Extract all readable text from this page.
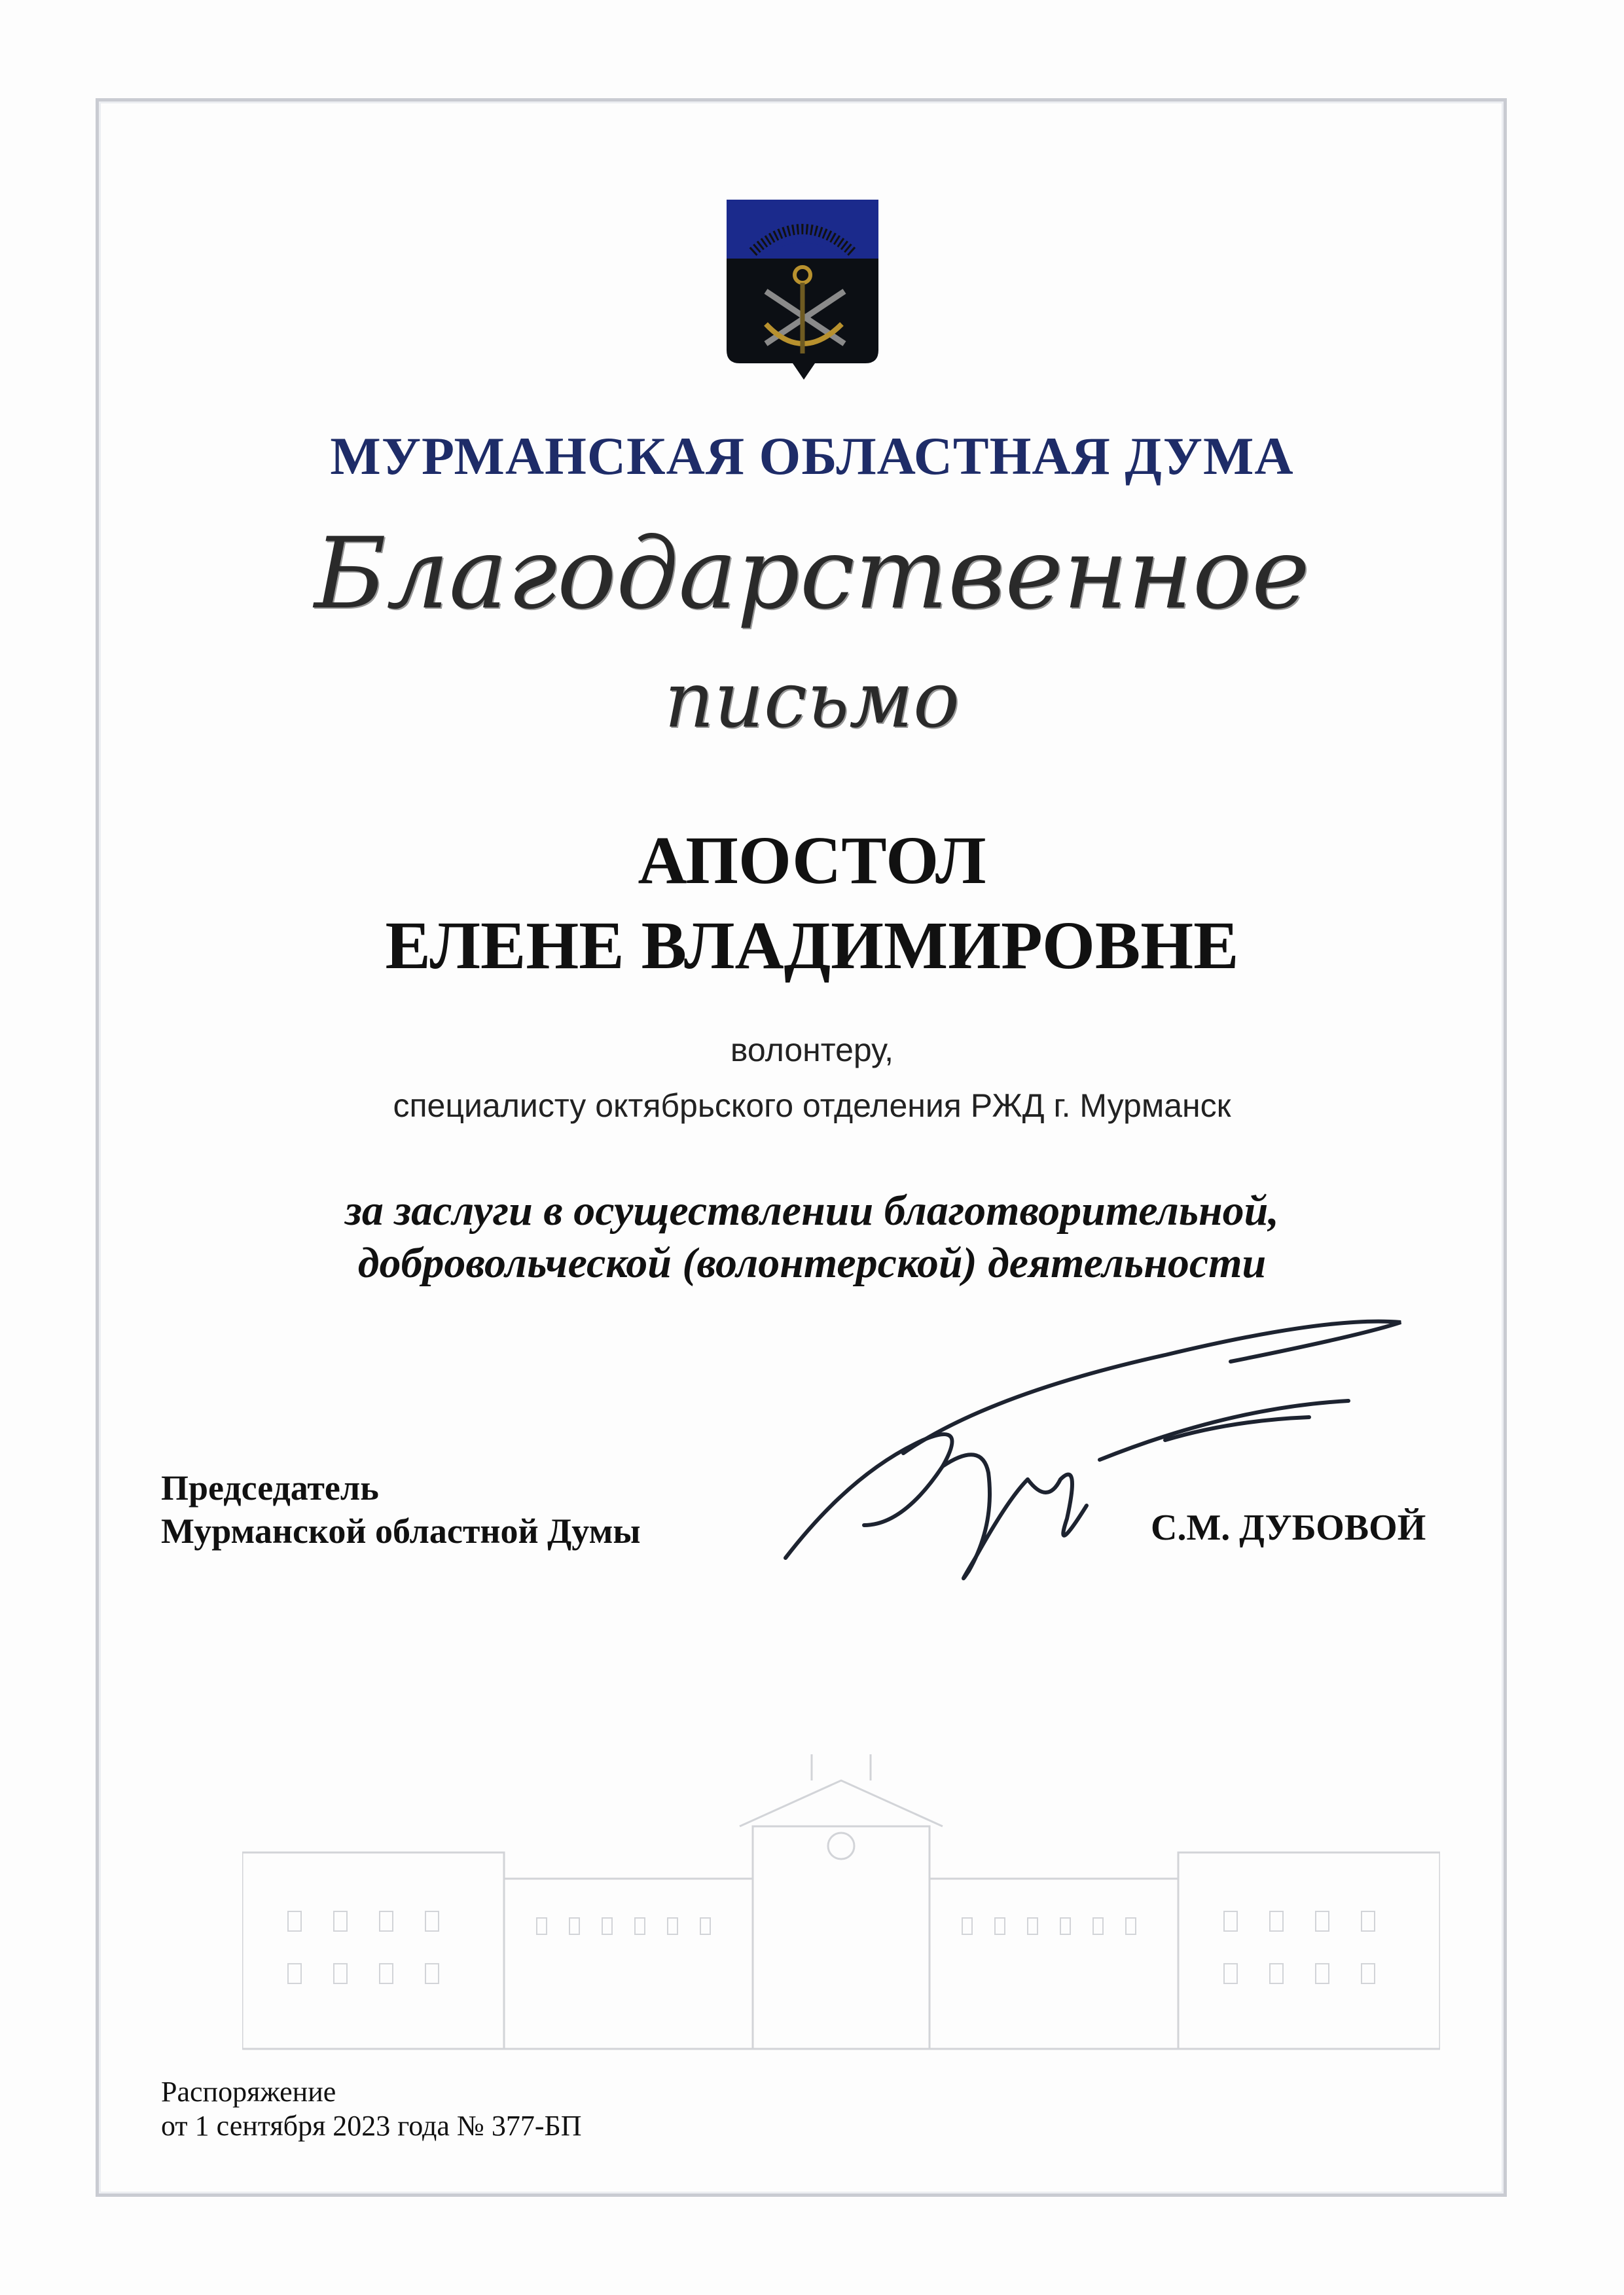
МУРМАНСКАЯ ОБЛАСТНАЯ ДУМА
Благодарственное
письмо
АПОСТОЛ
ЕЛЕНЕ ВЛАДИМИРОВНЕ
волонтеру,
специалисту октябрьского отделения РЖД г. Мурманск
за заслуги в осуществлении благотворительной,
добровольческой (волонтерской) деятельности
Председатель
Мурманской областной Думы	С.М. ДУБОВОЙ
Распоряжение
от 1 сентября 2023 года № 377-БП
